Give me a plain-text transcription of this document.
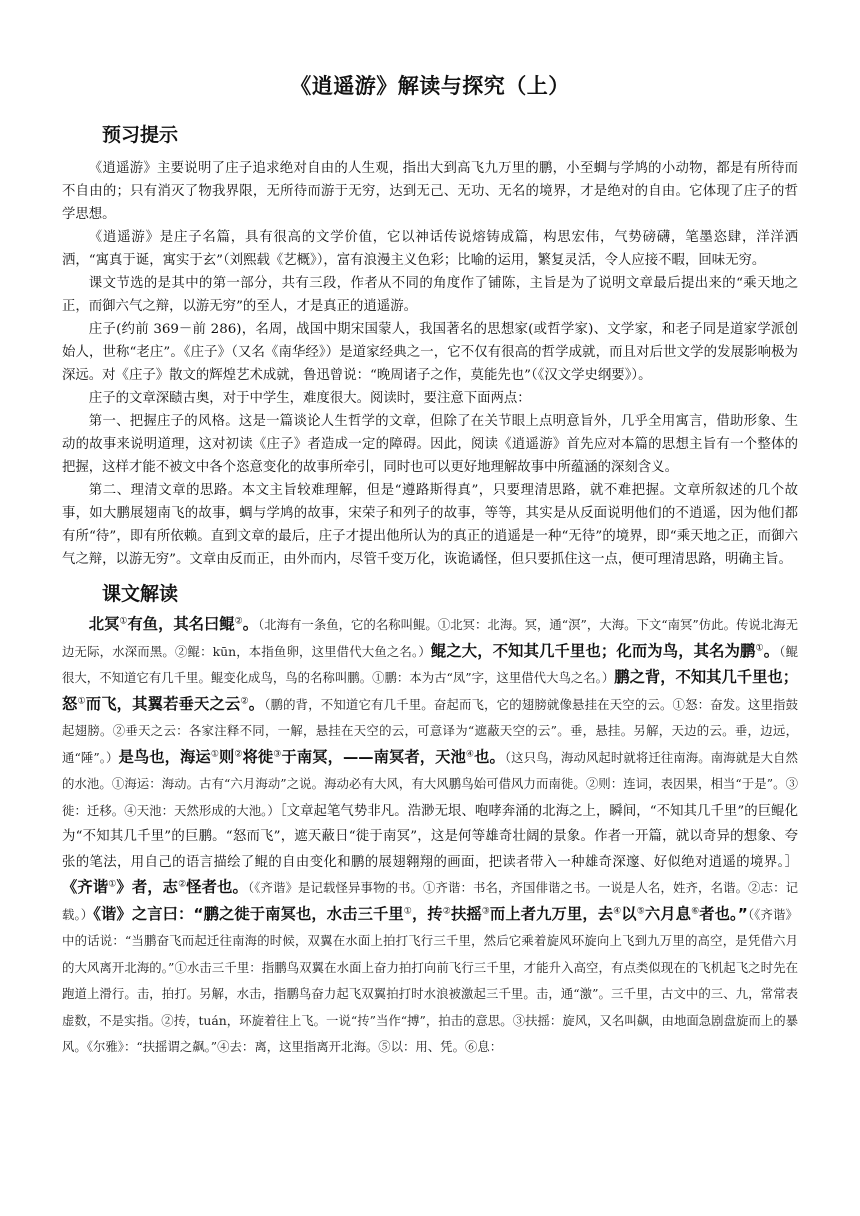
《逍遥游》解读与探究（上）
预习提示

《逍遥游》主要说明了庄子追求绝对自由的人生观，指出大到高飞九万里的鹏，小至蜩与学鸠的小动物，都是有所待而不自由的；只有消灭了物我界限，无所待而游于无穷，达到无己、无功、无名的境界，才是绝对的自由。它体现了庄子的哲学思想。

《逍遥游》是庄子名篇，具有很高的文学价值，它以神话传说熔铸成篇，构思宏伟，气势磅礴，笔墨恣肆，洋洋洒洒，“寓真于诞，寓实于玄”（刘熙载《艺概》），富有浪漫主义色彩；比喻的运用，繁复灵活，令人应接不暇，回味无穷。

课文节选的是其中的第一部分，共有三段，作者从不同的角度作了铺陈，主旨是为了说明文章最后提出来的“乘天地之正，而御六气之辩，以游无穷”的至人，才是真正的逍遥游。

庄子(约前 369－前 286)，名周，战国中期宋国蒙人，我国著名的思想家(或哲学家)、文学家，和老子同是道家学派创始人，世称“老庄”。《庄子》（又名《南华经》）是道家经典之一，它不仅有很高的哲学成就，而且对后世文学的发展影响极为深远。对《庄子》散文的辉煌艺术成就，鲁迅曾说：“晚周诸子之作，莫能先也”（《汉文学史纲要》）。

庄子的文章深赜古奥，对于中学生，难度很大。阅读时，要注意下面两点：

第一、把握庄子的风格。这是一篇谈论人生哲学的文章，但除了在关节眼上点明意旨外，几乎全用寓言，借助形象、生动的故事来说明道理，这对初读《庄子》者造成一定的障碍。因此，阅读《逍遥游》首先应对本篇的思想主旨有一个整体的把握，这样才能不被文中各个恣意变化的故事所牵引，同时也可以更好地理解故事中所蕴涵的深刻含义。

第二、理清文章的思路。本文主旨较难理解，但是“遵路斯得真”，只要理清思路，就不难把握。文章所叙述的几个故事，如大鹏展翅南飞的故事，蜩与学鸠的故事，宋荣子和列子的故事，等等，其实是从反面说明他们的不逍遥，因为他们都有所“待”，即有所依赖。直到文章的最后，庄子才提出他所认为的真正的逍遥是一种“无待”的境界，即“乘天地之正，而御六气之辩，以游无穷”。文章由反而正，由外而内，尽管千变万化，诙诡谲怪，但只要抓住这一点，便可理清思路，明确主旨。

课文解读

北冥①有鱼，其名曰鲲②。（北海有一条鱼，它的名称叫鲲。①北冥：北海。冥，通“溟”，大海。下文“南冥”仿此。传说北海无边无际，水深而黑。②鲲：kūn，本指鱼卵，这里借代大鱼之名。）鲲之大，不知其几千里也；化而为鸟，其名为鹏①。（鲲很大，不知道它有几千里。鲲变化成鸟，鸟的名称叫鹏。①鹏：本为古“凤”字，这里借代大鸟之名。）鹏之背，不知其几千里也；怒①而飞，其翼若垂天之云②。（鹏的背，不知道它有几千里。奋起而飞，它的翅膀就像悬挂在天空的云。①怒：奋发。这里指鼓起翅膀。②垂天之云：各家注释不同，一解，悬挂在天空的云，可意译为“遮蔽天空的云”。垂，悬挂。另解，天边的云。垂，边远，通“陲”。）是鸟也，海运①则②将徙③于南冥，——南冥者，天池④也。（这只鸟，海动风起时就将迁往南海。南海就是大自然的水池。①海运：海动。古有“六月海动”之说。海动必有大风，有大风鹏鸟始可借风力而南徙。②则：连词，表因果，相当“于是”。③徙：迁移。④天池：天然形成的大池。）［文章起笔气势非凡。浩渺无垠、咆哮奔涌的北海之上，瞬间，“不知其几千里”的巨鲲化为“不知其几千里”的巨鹏。“怒而飞”，遮天蔽日“徙于南冥”，这是何等雄奇壮阔的景象。作者一开篇，就以奇异的想象、夸张的笔法，用自己的语言描绘了鲲的自由变化和鹏的展翅翱翔的画面，把读者带入一种雄奇深邃、好似绝对逍遥的境界。］《齐谐①》者，志②怪者也。（《齐谐》是记载怪异事物的书。①齐谐：书名，齐国俳谐之书。一说是人名，姓齐，名谐。②志：记载。）《谐》之言曰：“鹏之徙于南冥也，水击三千里①，抟②扶摇③而上者九万里，去④以⑤六月息⑥者也。”（《齐谐》中的话说：“当鹏奋飞而起迁往南海的时候，双翼在水面上拍打飞行三千里，然后它乘着旋风环旋向上飞到九万里的高空，是凭借六月的大风离开北海的。”①水击三千里：指鹏鸟双翼在水面上奋力拍打向前飞行三千里，才能升入高空，有点类似现在的飞机起飞之时先在跑道上滑行。击，拍打。另解，水击，指鹏鸟奋力起飞双翼拍打时水浪被激起三千里。击，通“激”。三千里，古文中的三、九，常常表虚数，不是实指。②抟，tuán，环旋着往上飞。一说“抟”当作“搏”，拍击的意思。③扶摇：旋风，又名叫飙，由地面急剧盘旋而上的暴风。《尔雅》：“扶摇谓之飙。”④去：离，这里指离开北海。⑤以：用、凭。⑥息：
